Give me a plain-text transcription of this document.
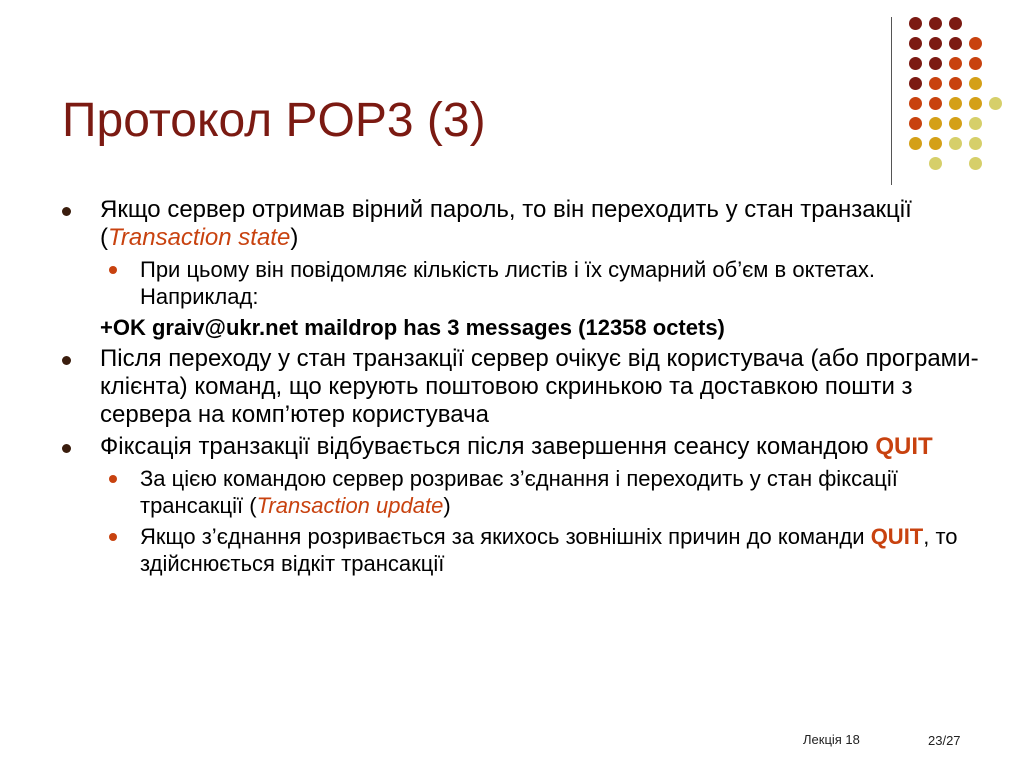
Протокол POP3 (3)
Якщо сервер отримав вірний пароль, то він переходить у стан транзакції (Transaction state)
При цьому він повідомляє кількість листів і їх сумарний об’єм в октетах. Наприклад:
+OK graiv@ukr.net maildrop has 3 messages (12358 octets)
Після переходу у стан транзакції сервер очікує від користувача (або програми-клієнта) команд, що керують поштовою скринькою та доставкою пошти з сервера на комп’ютер користувача
Фіксація транзакції відбувається після завершення сеансу командою QUIT
За цією командою сервер розриває з’єднання і переходить у стан фіксації трансакції (Transaction update)
Якщо з’єднання розривається за якихось зовнішніх причин до команди QUIT, то здійснюється відкіт трансакції
Лекція 18	23/27
